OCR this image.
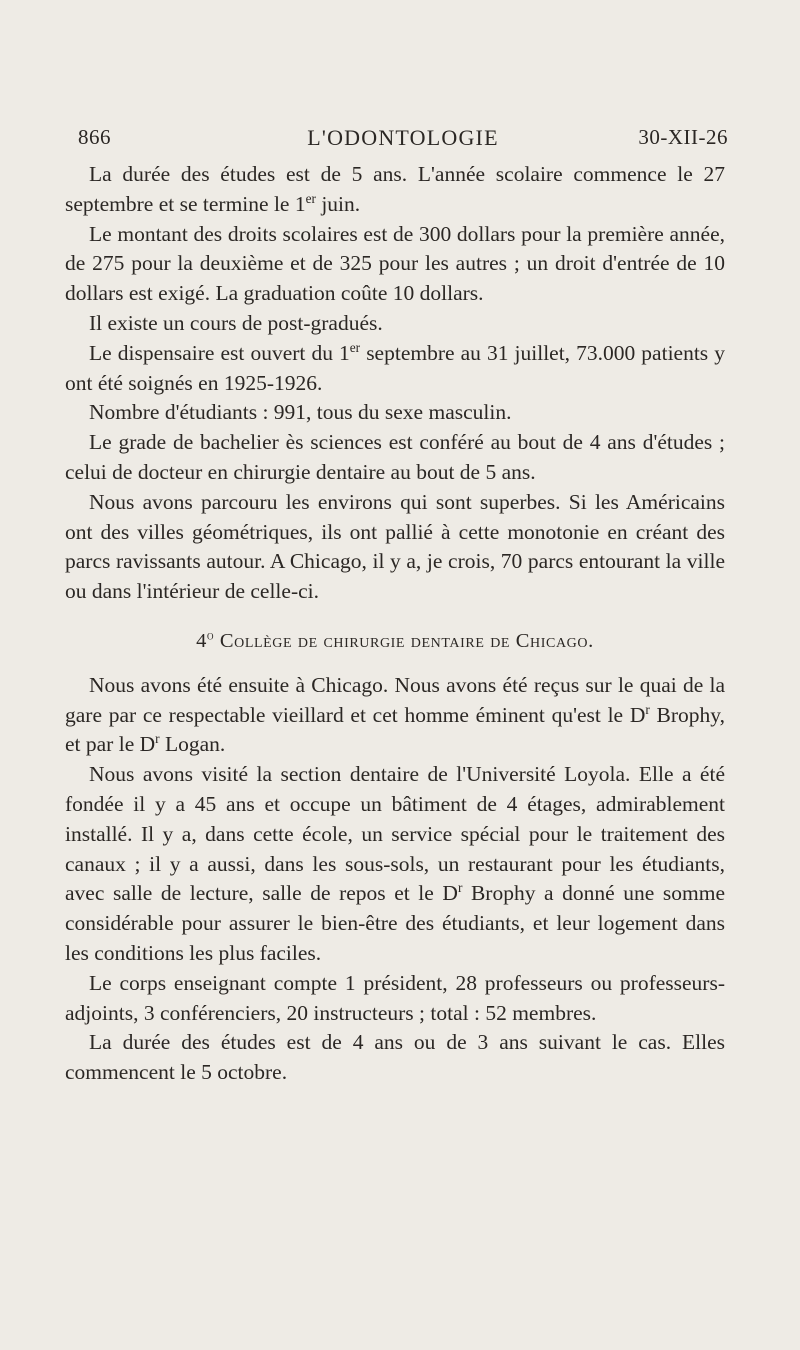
866	L'ODONTOLOGIE	30-XII-26

La durée des études est de 5 ans. L'année scolaire commence le 27 septembre et se termine le 1er juin.

Le montant des droits scolaires est de 300 dollars pour la première année, de 275 pour la deuxième et de 325 pour les autres ; un droit d'entrée de 10 dollars est exigé. La graduation coûte 10 dollars.

Il existe un cours de post-gradués.

Le dispensaire est ouvert du 1er septembre au 31 juillet, 73.000 patients y ont été soignés en 1925-1926.

Nombre d'étudiants : 991, tous du sexe masculin.

Le grade de bachelier ès sciences est conféré au bout de 4 ans d'études ; celui de docteur en chirurgie dentaire au bout de 5 ans.

Nous avons parcouru les environs qui sont superbes. Si les Américains ont des villes géométriques, ils ont pallié à cette monotonie en créant des parcs ravissants autour. A Chicago, il y a, je crois, 70 parcs entourant la ville ou dans l'intérieur de celle-ci.

4$^o$ Collège de chirurgie dentaire de Chicago.

Nous avons été ensuite à Chicago. Nous avons été reçus sur le quai de la gare par ce respectable vieillard et cet homme éminent qu'est le $D^r$ Brophy, et par le $D^r$ Logan.

Nous avons visité la section dentaire de l'Université Loyola. Elle a été fondée il y a 45 ans et occupe un bâtiment de 4 étages, admirablement installé. Il y a, dans cette école, un service spécial pour le traitement des canaux ; il y a aussi, dans les sous-sols, un restaurant pour les étudiants, avec salle de lecture, salle de repos et le $D^r$ Brophy a donné une somme considérable pour assurer le bien-être des étudiants, et leur logement dans les conditions les plus faciles.

Le corps enseignant compte 1 président, 28 professeurs ou professeurs-adjoints, 3 conférenciers, 20 instructeurs ; total : 52 membres.

La durée des études est de 4 ans ou de 3 ans suivant le cas. Elles commencent le 5 octobre.
